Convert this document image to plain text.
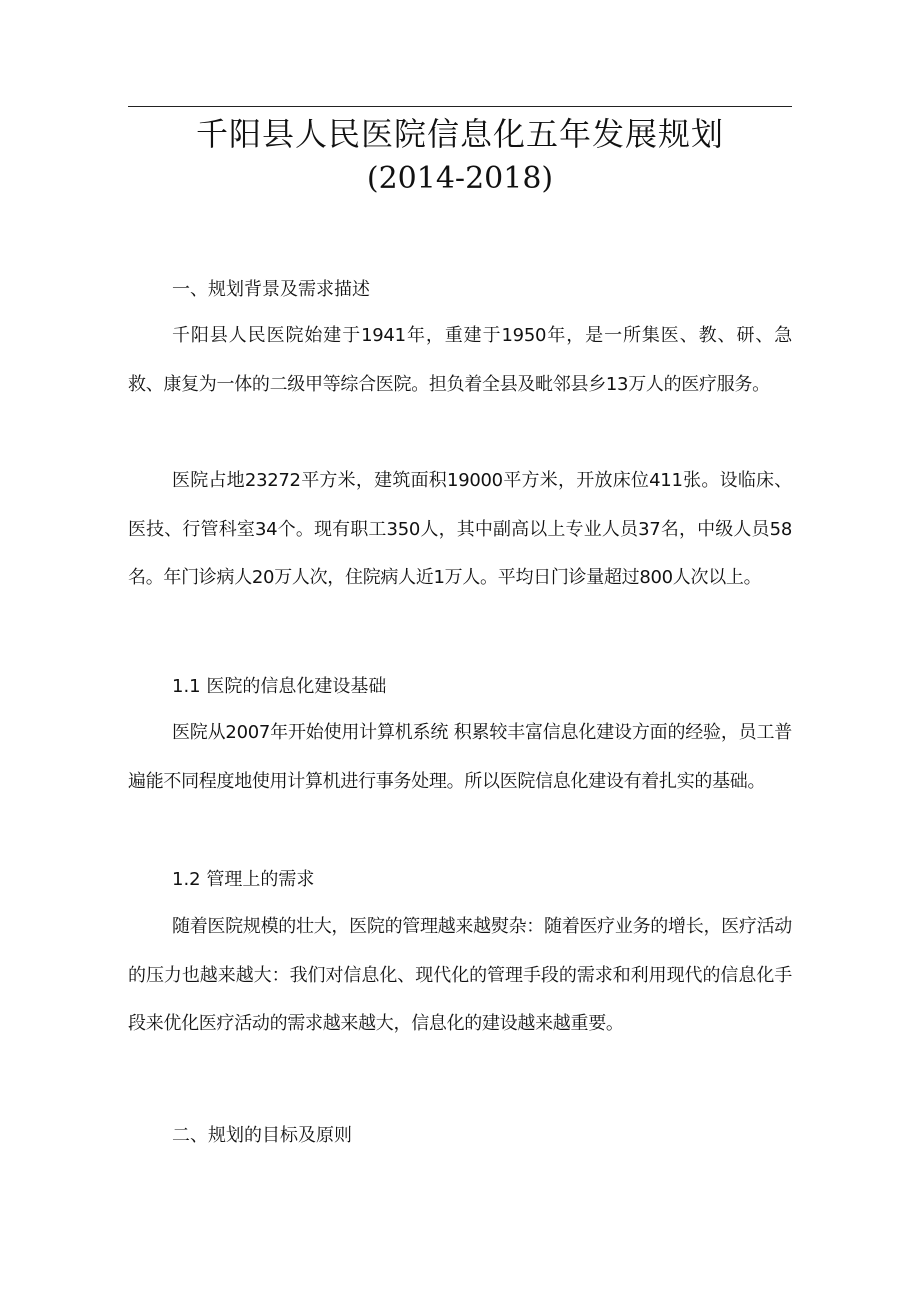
千阳县人民医院信息化五年发展规划
(2014-2018)
一、规划背景及需求描述
千阳县人民医院始建于1941年，重建于1950年，是一所集医、教、研、急救、康复为一体的二级甲等综合医院。担负着全县及毗邻县乡13万人的医疗服务。
医院占地23272平方米，建筑面积19000平方米，开放床位411张。设临床、医技、行管科室34个。现有职工350人，其中副高以上专业人员37名，中级人员58名。年门诊病人20万人次，住院病人近1万人。平均日门诊量超过800人次以上。
1.1 医院的信息化建设基础
医院从2007年开始使用计算机系统 积累较丰富信息化建设方面的经验，员工普遍能不同程度地使用计算机进行事务处理。所以医院信息化建设有着扎实的基础。
1.2 管理上的需求
随着医院规模的壮大，医院的管理越来越熨杂：随着医疗业务的增长，医疗活动的压力也越来越大：我们对信息化、现代化的管理手段的需求和利用现代的信息化手段来优化医疗活动的需求越来越大，信息化的建设越来越重要。
二、规划的目标及原则
